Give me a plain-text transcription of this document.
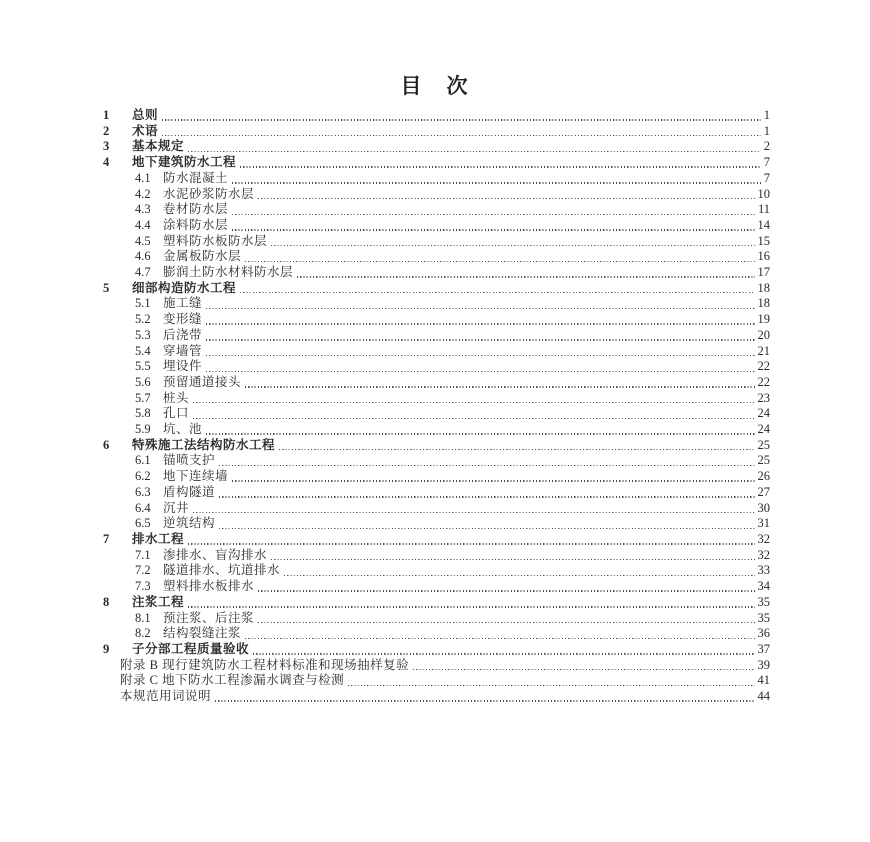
目　次
1	总则	1
2	术语	1
3	基本规定	2
4	地下建筑防水工程	7
4.1 防水混凝土	7
4.2 水泥砂浆防水层	10
4.3 卷材防水层	11
4.4 涂料防水层	14
4.5 塑料防水板防水层	15
4.6 金属板防水层	16
4.7 膨润土防水材料防水层	17
5	细部构造防水工程	18
5.1 施工缝	18
5.2 变形缝	19
5.3 后浇带	20
5.4 穿墙管	21
5.5 埋设件	22
5.6 预留通道接头	22
5.7 桩头	23
5.8 孔口	24
5.9 坑、池	24
6	特殊施工法结构防水工程	25
6.1 锚喷支护	25
6.2 地下连续墙	26
6.3 盾构隧道	27
6.4 沉井	30
6.5 逆筑结构	31
7	排水工程	32
7.1 渗排水、盲沟排水	32
7.2 隧道排水、坑道排水	33
7.3 塑料排水板排水	34
8	注浆工程	35
8.1 预注浆、后注浆	35
8.2 结构裂缝注浆	36
9	子分部工程质量验收	37
附录 B 现行建筑防水工程材料标准和现场抽样复验	39
附录 C 地下防水工程渗漏水调查与检测	41
本规范用词说明	44
